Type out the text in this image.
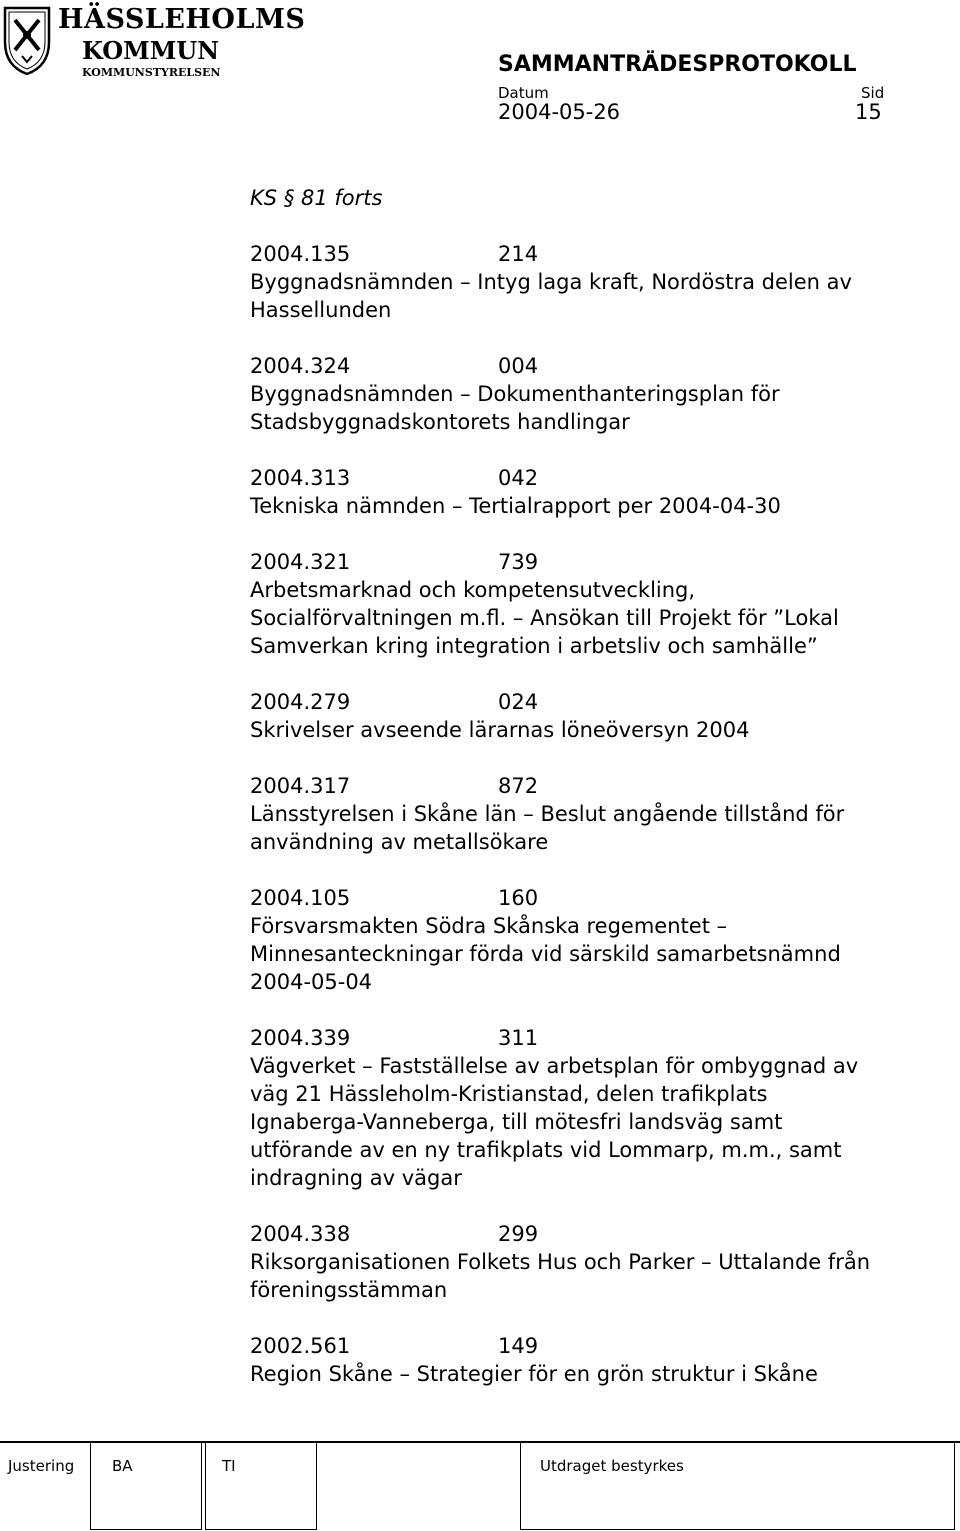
HÄSSLEHOLMS
KOMMUN
KOMMUNSTYRELSEN	SAMMANTRÄDESPROTOKOLL
Datum	Sid
2004-05-26	15
KS § 81 forts
2004.135	214
Byggnadsnämnden – Intyg laga kraft, Nordöstra delen av
Hassellunden
2004.324	004
Byggnadsnämnden – Dokumenthanteringsplan för
Stadsbyggnadskontorets handlingar
2004.313	042
Tekniska nämnden – Tertialrapport per 2004-04-30
2004.321	739
Arbetsmarknad och kompetensutveckling,
Socialförvaltningen m.fl. – Ansökan till Projekt för ”Lokal
Samverkan kring integration i arbetsliv och samhälle”
2004.279	024
Skrivelser avseende lärarnas löneöversyn 2004
2004.317	872
Länsstyrelsen i Skåne län – Beslut angående tillstånd för
användning av metallsökare
2004.105	160
Försvarsmakten Södra Skånska regementet –
Minnesanteckningar förda vid särskild samarbetsnämnd
2004-05-04
2004.339	311
Vägverket – Fastställelse av arbetsplan för ombyggnad av
väg 21 Hässleholm-Kristianstad, delen trafikplats
Ignaberga-Vanneberga, till mötesfri landsväg samt
utförande av en ny trafikplats vid Lommarp, m.m., samt
indragning av vägar
2004.338	299
Riksorganisationen Folkets Hus och Parker – Uttalande från
föreningsstämman
2002.561	149
Region Skåne – Strategier för en grön struktur i Skåne
Justering	BA	TI	Utdraget bestyrkes
